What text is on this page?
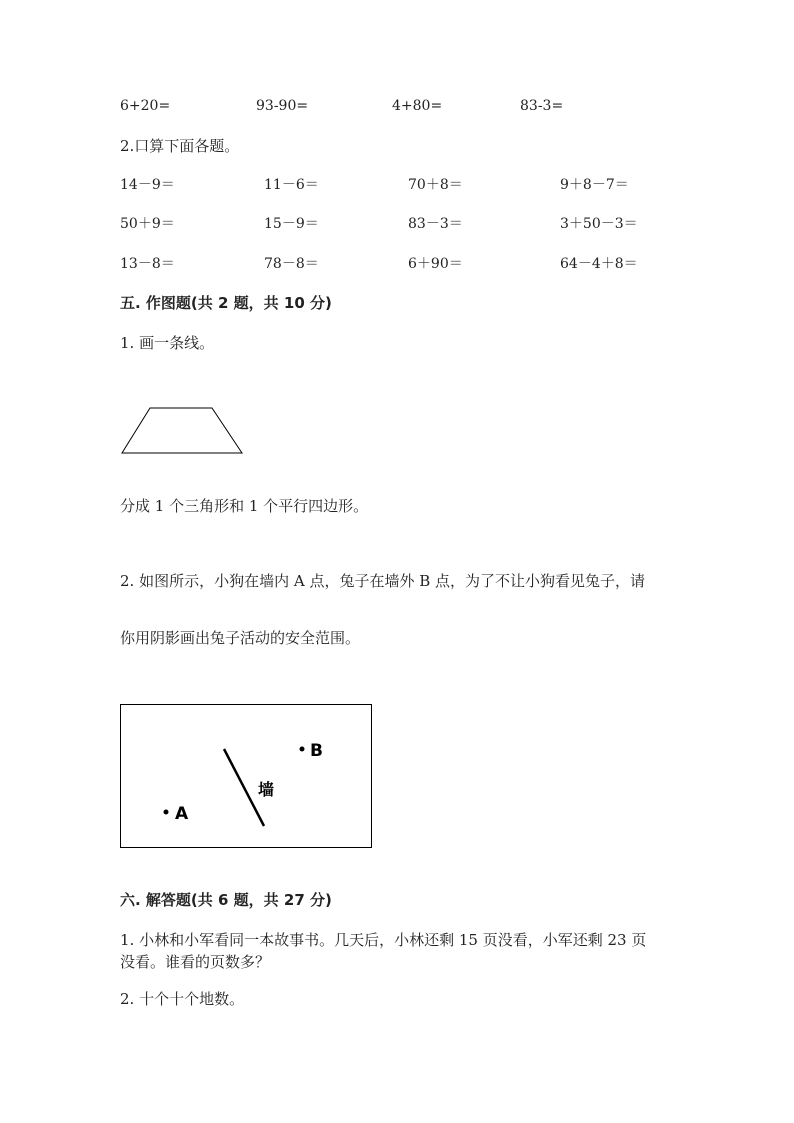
6+20=	93-90=	4+80=	83-3=
2.口算下面各题。
14－9＝	11－6＝	70＋8＝	9＋8－7＝
50＋9＝	15－9＝	83－3＝	3＋50－3＝
13－8＝	78－8＝	6＋90＝	64－4＋8＝
五. 作图题(共 2 题，共 10 分)
1. 画一条线。
分成 1 个三角形和 1 个平行四边形。
2. 如图所示，小狗在墙内 A 点，兔子在墙外 B 点，为了不让小狗看见兔子，请
你用阴影画出兔子活动的安全范围。
A
B
墙
六. 解答题(共 6 题，共 27 分)
1. 小林和小军看同一本故事书。几天后，小林还剩 15 页没看，小军还剩 23 页
没看。谁看的页数多？
2. 十个十个地数。
